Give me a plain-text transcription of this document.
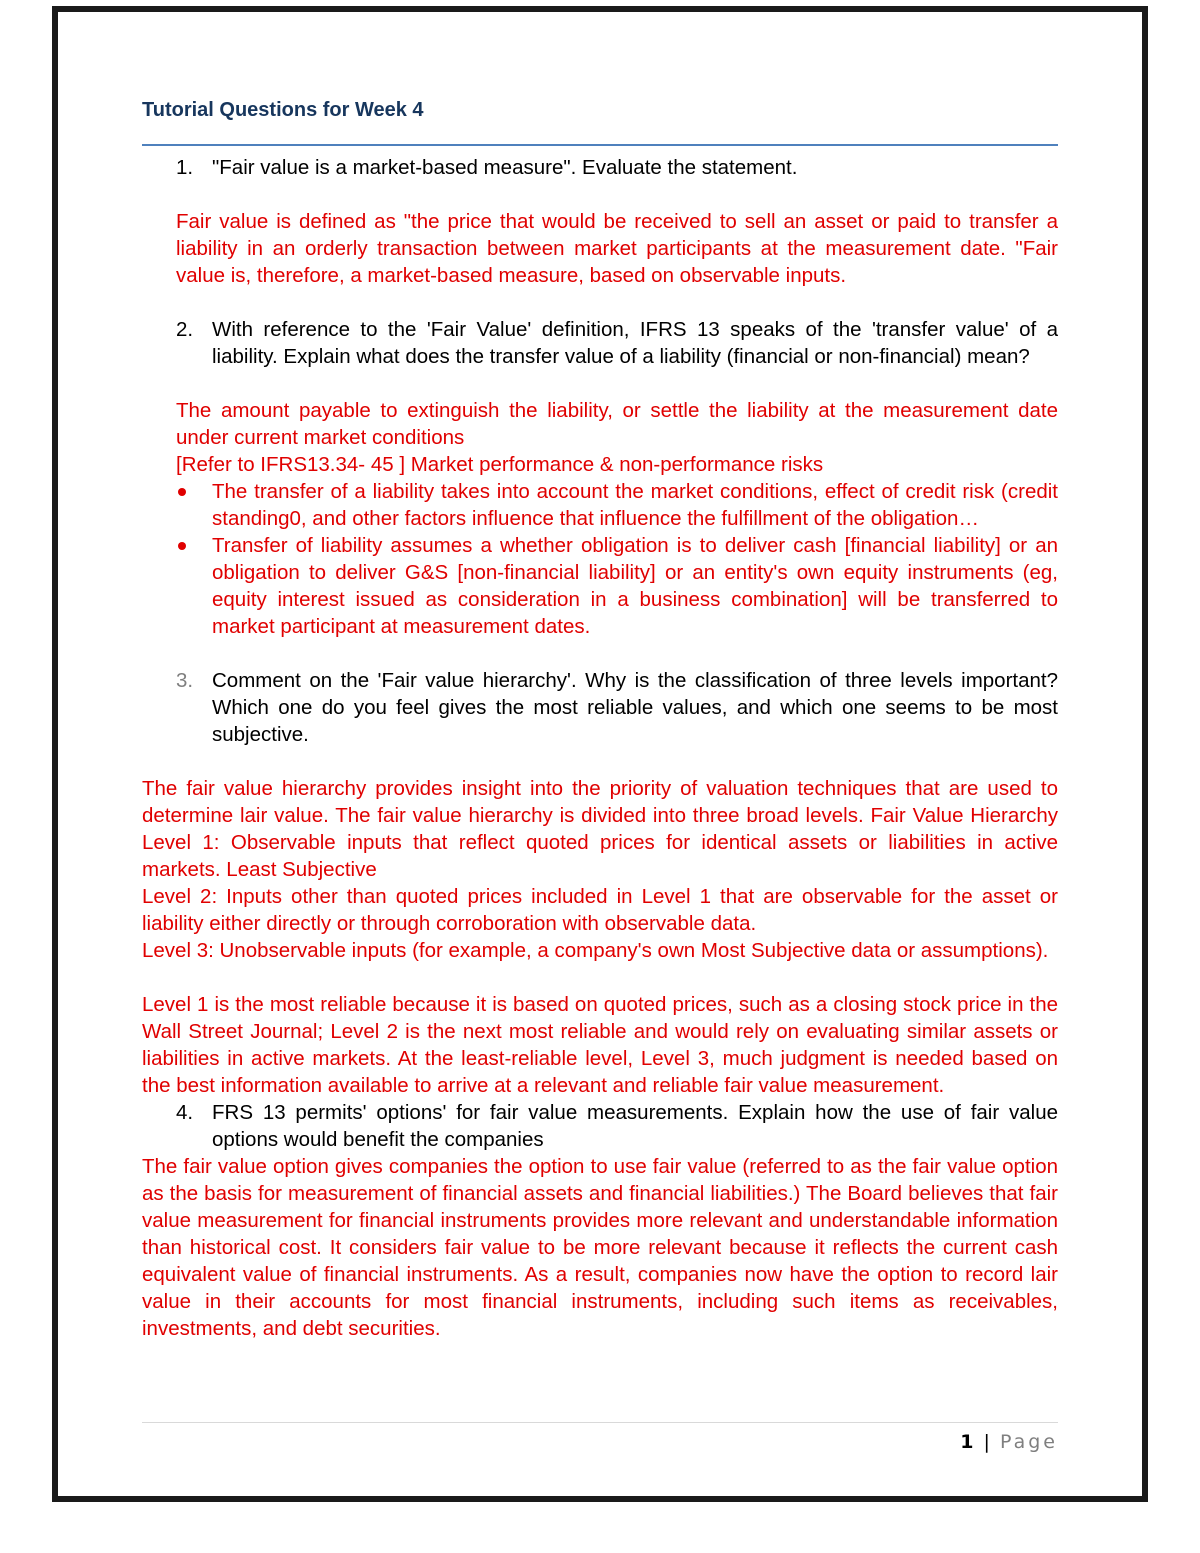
Tutorial Questions for Week 4
1. "Fair value is a market-based measure". Evaluate the statement.

Fair value is defined as "the price that would be received to sell an asset or paid to transfer a liability in an orderly transaction between market participants at the measurement date. "Fair value is, therefore, a market-based measure, based on observable inputs.

2. With reference to the 'Fair Value' definition, IFRS 13 speaks of the 'transfer value' of a liability. Explain what does the transfer value of a liability (financial or non-financial) mean?

The amount payable to extinguish the liability, or settle the liability at the measurement date under current market conditions

[Refer to IFRS13.34- 45 ] Market performance & non-performance risks

The transfer of a liability takes into account the market conditions, effect of credit risk (credit standing0, and other factors influence that influence the fulfillment of the obligation…
Transfer of liability assumes a whether obligation is to deliver cash [financial liability] or an obligation to deliver G&S [non-financial liability] or an entity's own equity instruments (eg, equity interest issued as consideration in a business combination] will be transferred to market participant at measurement dates.
3. Comment on the 'Fair value hierarchy'. Why is the classification of three levels important? Which one do you feel gives the most reliable values, and which one seems to be most subjective.

The fair value hierarchy provides insight into the priority of valuation techniques that are used to determine lair value. The fair value hierarchy is divided into three broad levels. Fair Value Hierarchy Level 1: Observable inputs that reflect quoted prices for identical assets or liabilities in active markets. Least Subjective

Level 2: Inputs other than quoted prices included in Level 1 that are observable for the asset or liability either directly or through corroboration with observable data.

Level 3: Unobservable inputs (for example, a company's own Most Subjective data or assumptions).

Level 1 is the most reliable because it is based on quoted prices, such as a closing stock price in the Wall Street Journal; Level 2 is the next most reliable and would rely on evaluating similar assets or liabilities in active markets. At the least-reliable level, Level 3, much judgment is needed based on the best information available to arrive at a relevant and reliable fair value measurement.

4. FRS 13 permits' options' for fair value measurements. Explain how the use of fair value options would benefit the companies

The fair value option gives companies the option to use fair value (referred to as the fair value option as the basis for measurement of financial assets and financial liabilities.) The Board believes that fair value measurement for financial instruments provides more relevant and understandable information than historical cost. It considers fair value to be more relevant because it reflects the current cash equivalent value of financial instruments. As a result, companies now have the option to record lair value in their accounts for most financial instruments, including such items as receivables, investments, and debt securities.

1 | Page
